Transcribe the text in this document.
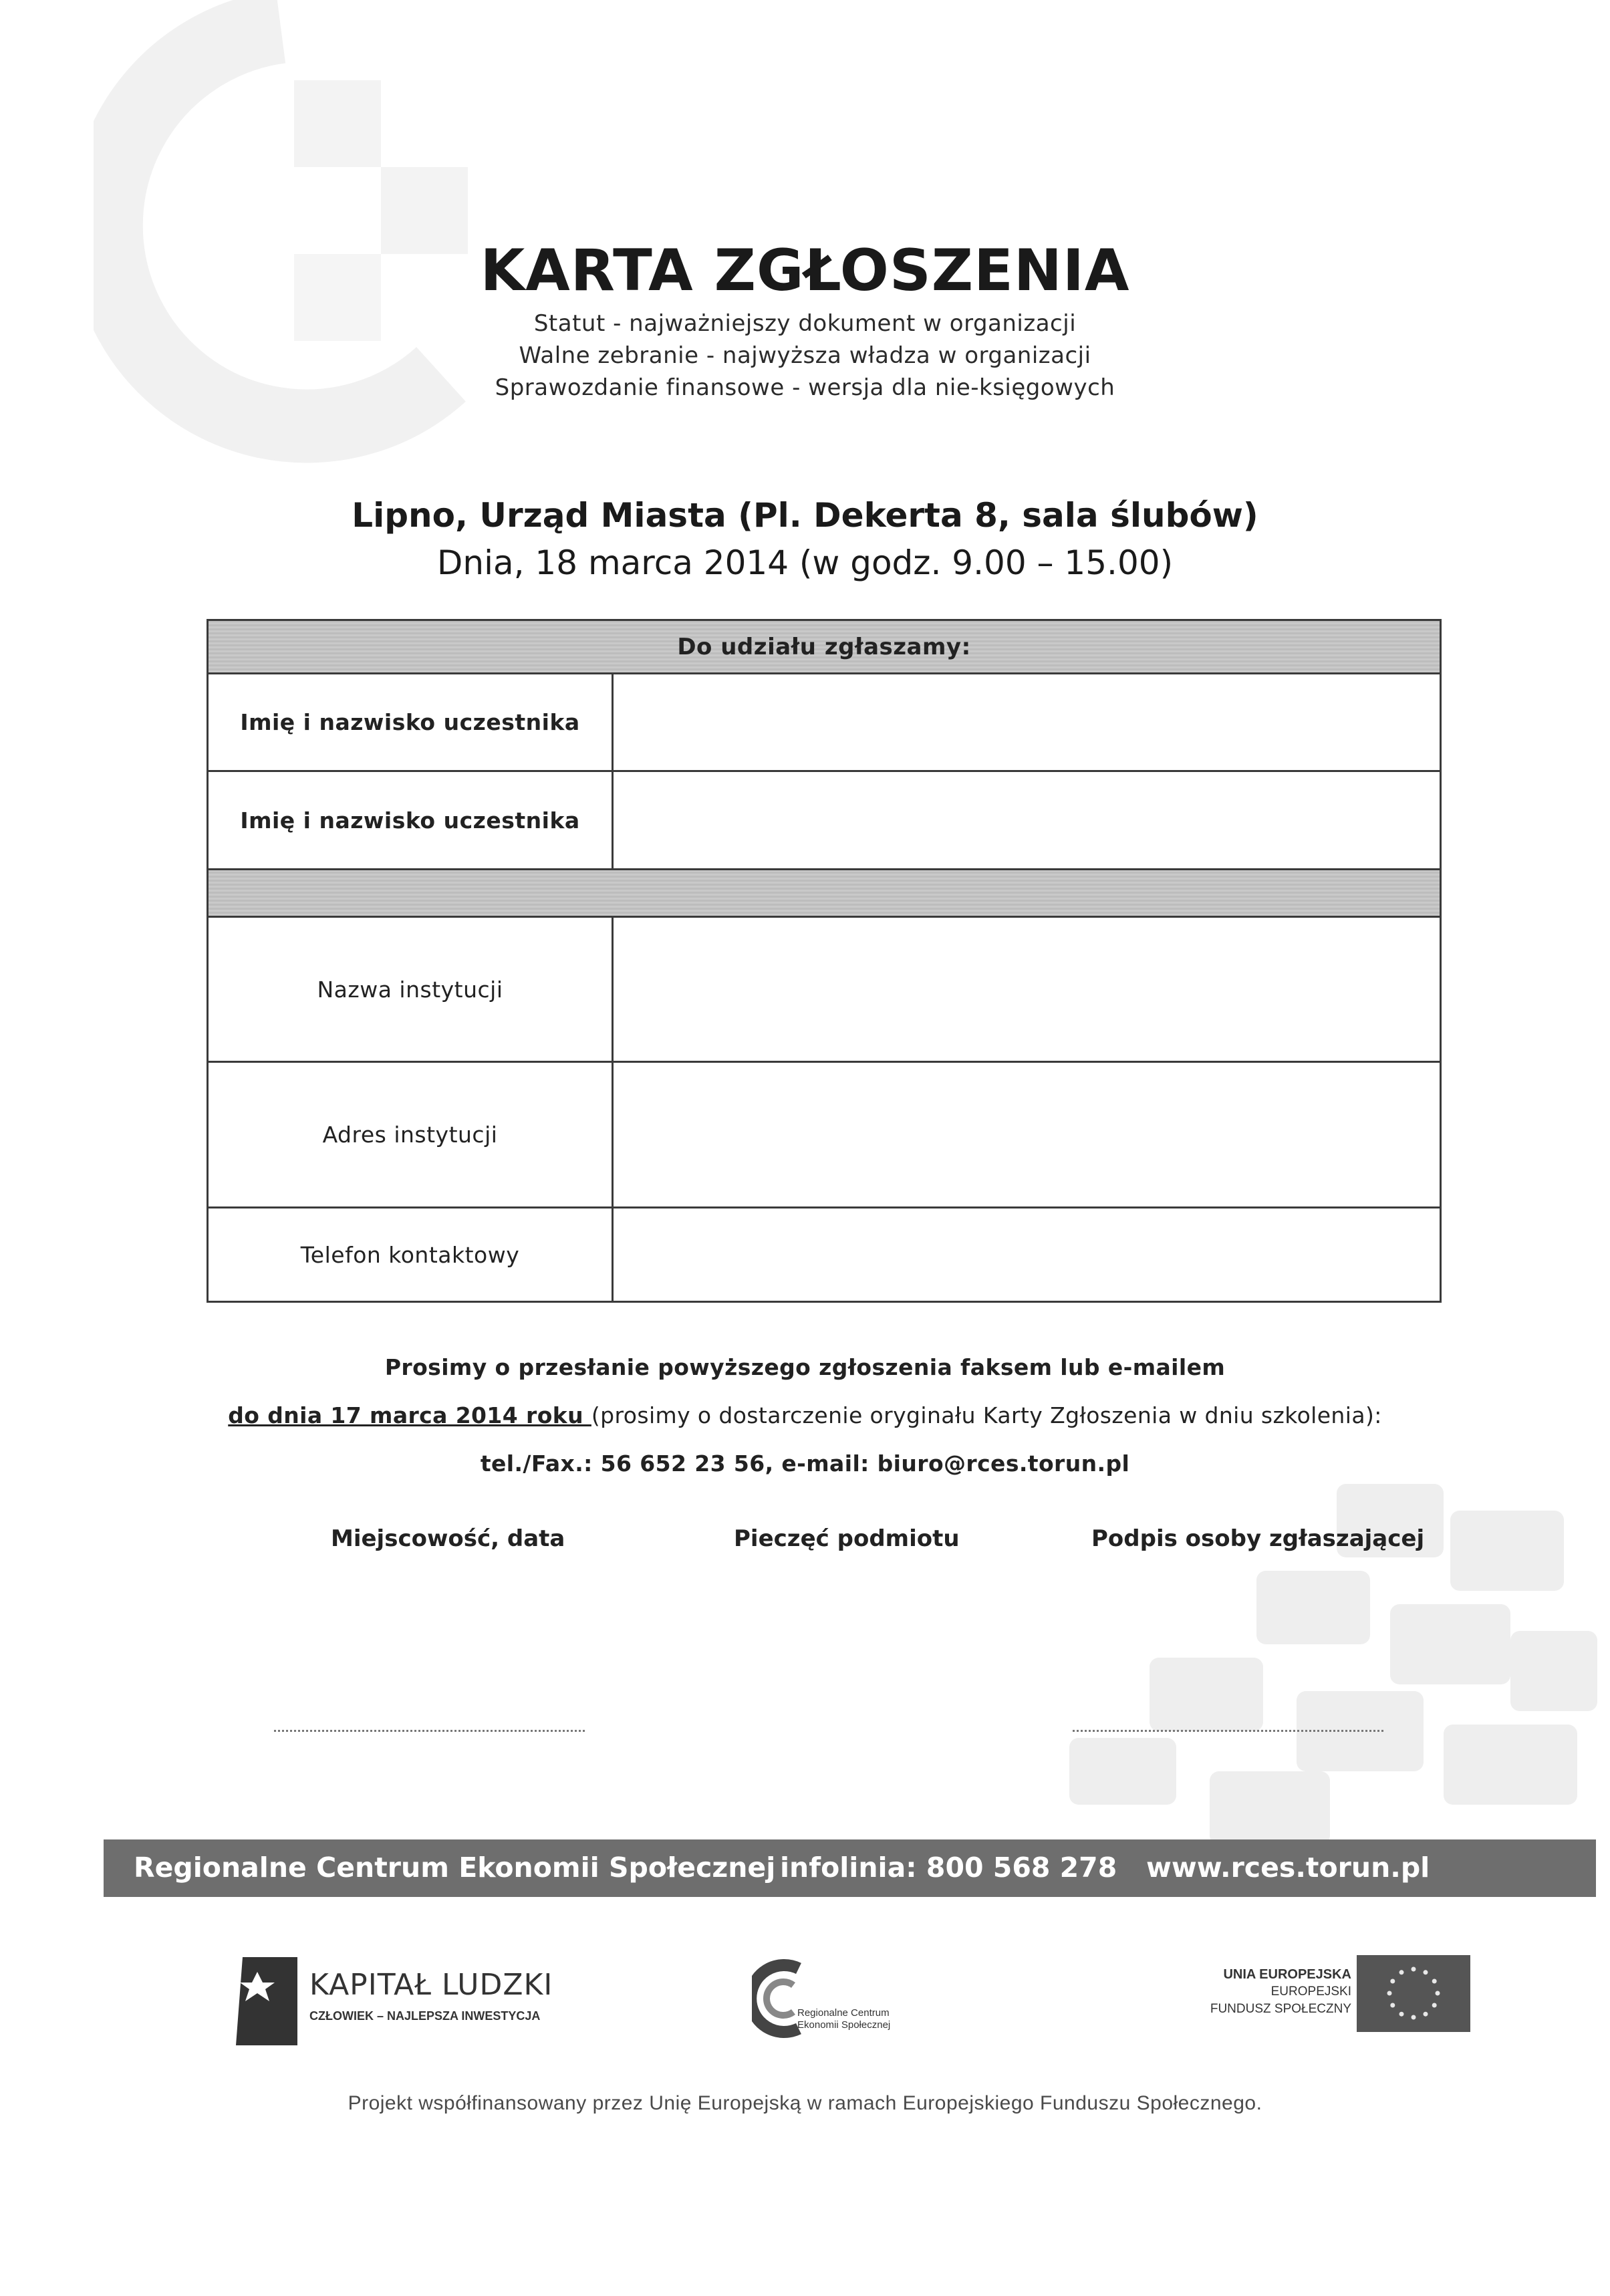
KARTA ZGŁOSZENIA
Statut - najważniejszy dokument w organizacji
Walne zebranie - najwyższa władza w organizacji
Sprawozdanie finansowe - wersja dla nie-księgowych
Lipno, Urząd Miasta (Pl. Dekerta 8, sala ślubów)
Dnia, 18 marca 2014 (w godz. 9.00 – 15.00)
Do udziału zgłaszamy:
Imię i nazwisko uczestnika
Imię i nazwisko uczestnika
Nazwa instytucji
Adres instytucji
Telefon kontaktowy
Prosimy o przesłanie powyższego zgłoszenia faksem lub e-mailem
do dnia 17 marca 2014 roku (prosimy o dostarczenie oryginału Karty Zgłoszenia w dniu szkolenia):
tel./Fax.: 56 652 23 56, e-mail: biuro@rces.torun.pl
Miejscowość, data	Pieczęć podmiotu	Podpis osoby zgłaszającej
Regionalne Centrum Ekonomii Społecznej infolinia: 800 568 278 www.rces.torun.pl
KAPITAŁ LUDZKI
CZŁOWIEK – NAJLEPSZA INWESTYCJA	Regionalne Centrum
Ekonomii Społecznej
UNIA EUROPEJSKA
EUROPEJSKI
FUNDUSZ SPOŁECZNY
Projekt współfinansowany przez Unię Europejską w ramach Europejskiego Funduszu Społecznego.
